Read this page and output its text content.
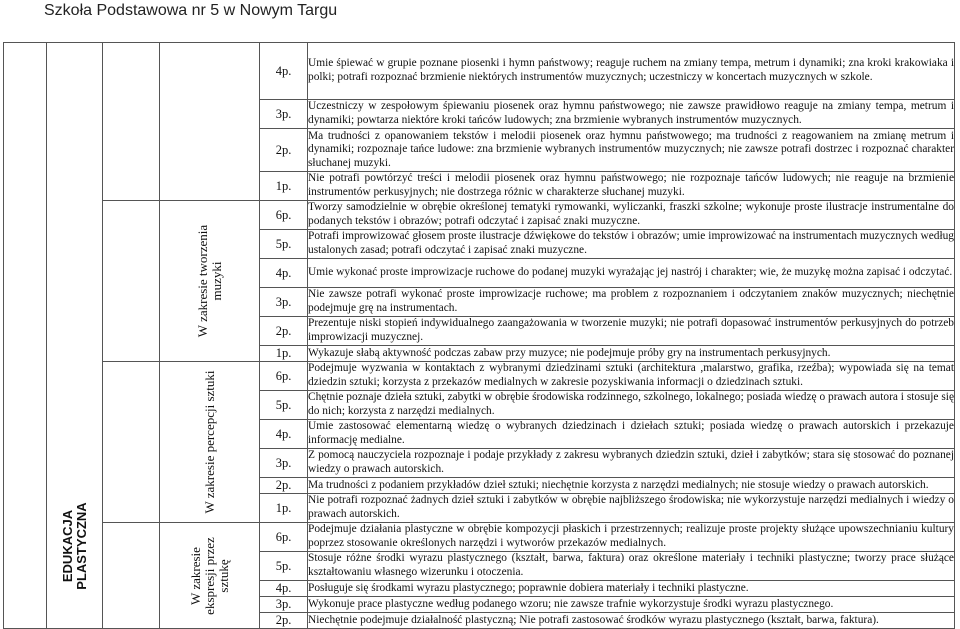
Szkoła Podstawowa nr 5 w Nowym Targu

	EDUKACJA PLASTYCZNA			4p.	Umie śpiewać w grupie poznane piosenki i hymn państwowy; reaguje ruchem na zmiany tempa, metrum i dynamiki; zna kroki krakowiaka i polki; potrafi rozpoznać brzmienie niektórych instrumentów muzycznych; uczestniczy w koncertach muzycznych w szkole.
				3p.	Uczestniczy w zespołowym śpiewaniu piosenek oraz hymnu państwowego; nie zawsze prawidłowo reaguje na zmiany tempa, metrum i dynamiki; powtarza niektóre kroki tańców ludowych; zna brzmienie wybranych instrumentów muzycznych.
				2p.	Ma trudności z opanowaniem tekstów i melodii piosenek oraz hymnu państwowego; ma trudności z reagowaniem na zmianę metrum i dynamiki; rozpoznaje tańce ludowe: zna brzmienie wybranych instrumentów muzycznych; nie zawsze potrafi dostrzec i rozpoznać charakter słuchanej muzyki.
				1p.	Nie potrafi powtórzyć treści i melodii piosenek oraz hymnu państwowego; nie rozpoznaje tańców ludowych; nie reaguje na brzmienie instrumentów perkusyjnych; nie dostrzega różnic w charakterze słuchanej muzyki.

			W zakresie tworzenia muzyki	6p.	Tworzy samodzielnie w obrębie określonej tematyki rymowanki, wyliczanki, fraszki szkolne; wykonuje proste ilustracje instrumentalne do podanych tekstów i obrazów; potrafi odczytać i zapisać znaki muzyczne.
				5p.	Potrafi improwizować głosem proste ilustracje dźwiękowe do tekstów i obrazów; umie improwizować na instrumentach muzycznych według ustalonych zasad; potrafi odczytać i zapisać znaki muzyczne.
				4p.	Umie wykonać proste improwizacje ruchowe do podanej muzyki wyrażając jej nastrój i charakter; wie, że muzykę można zapisać i odczytać.
				3p.	Nie zawsze potrafi wykonać proste improwizacje ruchowe; ma problem z rozpoznaniem i odczytaniem znaków muzycznych; niechętnie podejmuje grę na instrumentach.
				2p.	Prezentuje niski stopień indywidualnego zaangażowania w tworzenie muzyki; nie potrafi dopasować instrumentów perkusyjnych do potrzeb improwizacji muzycznej.
				1p.	Wykazuje słabą aktywność podczas zabaw przy muzyce; nie podejmuje próby gry na instrumentach perkusyjnych.

			W zakresie percepcji sztuki	6p.	Podejmuje wyzwania w kontaktach z wybranymi dziedzinami sztuki (architektura ,malarstwo, grafika, rzeźba); wypowiada się na temat dziedzin sztuki; korzysta z przekazów medialnych w zakresie pozyskiwania informacji o dziedzinach sztuki.
				5p.	Chętnie poznaje dzieła sztuki, zabytki w obrębie środowiska rodzinnego, szkolnego, lokalnego; posiada wiedzę o prawach autora i stosuje się do nich; korzysta z narzędzi medialnych.
				4p.	Umie zastosować elementarną wiedzę o wybranych dziedzinach i dziełach sztuki; posiada wiedzę o prawach autorskich i przekazuje informację medialne.
				3p.	Z pomocą nauczyciela rozpoznaje i podaje przykłady z zakresu wybranych dziedzin sztuki, dzieł i zabytków; stara się stosować do poznanej wiedzy o prawach autorskich.
				2p.	Ma trudności z podaniem przykładów dzieł sztuki; niechętnie korzysta z narzędzi medialnych; nie stosuje wiedzy o prawach autorskich.
				1p.	Nie potrafi rozpoznać żadnych dzieł sztuki i zabytków w obrębie najbliższego środowiska; nie wykorzystuje narzędzi medialnych i wiedzy o prawach autorskich.

			W zakresie ekspresji przez sztukę	6p.	Podejmuje działania plastyczne w obrębie kompozycji płaskich i przestrzennych; realizuje proste projekty służące upowszechnianiu kultury poprzez stosowanie określonych narzędzi i wytworów przekazów medialnych.
				5p.	Stosuje różne środki wyrazu plastycznego (kształt, barwa, faktura) oraz określone materiały i techniki plastyczne; tworzy prace służące kształtowaniu własnego wizerunku i otoczenia.
				4p.	Posługuje się środkami wyrazu plastycznego; poprawnie dobiera materiały i techniki plastyczne.
				3p.	Wykonuje prace plastyczne według podanego wzoru; nie zawsze trafnie wykorzystuje środki wyrazu plastycznego.
				2p.	Niechętnie podejmuje działalność plastyczną; Nie potrafi zastosować środków wyrazu plastycznego (kształt, barwa, faktura).
